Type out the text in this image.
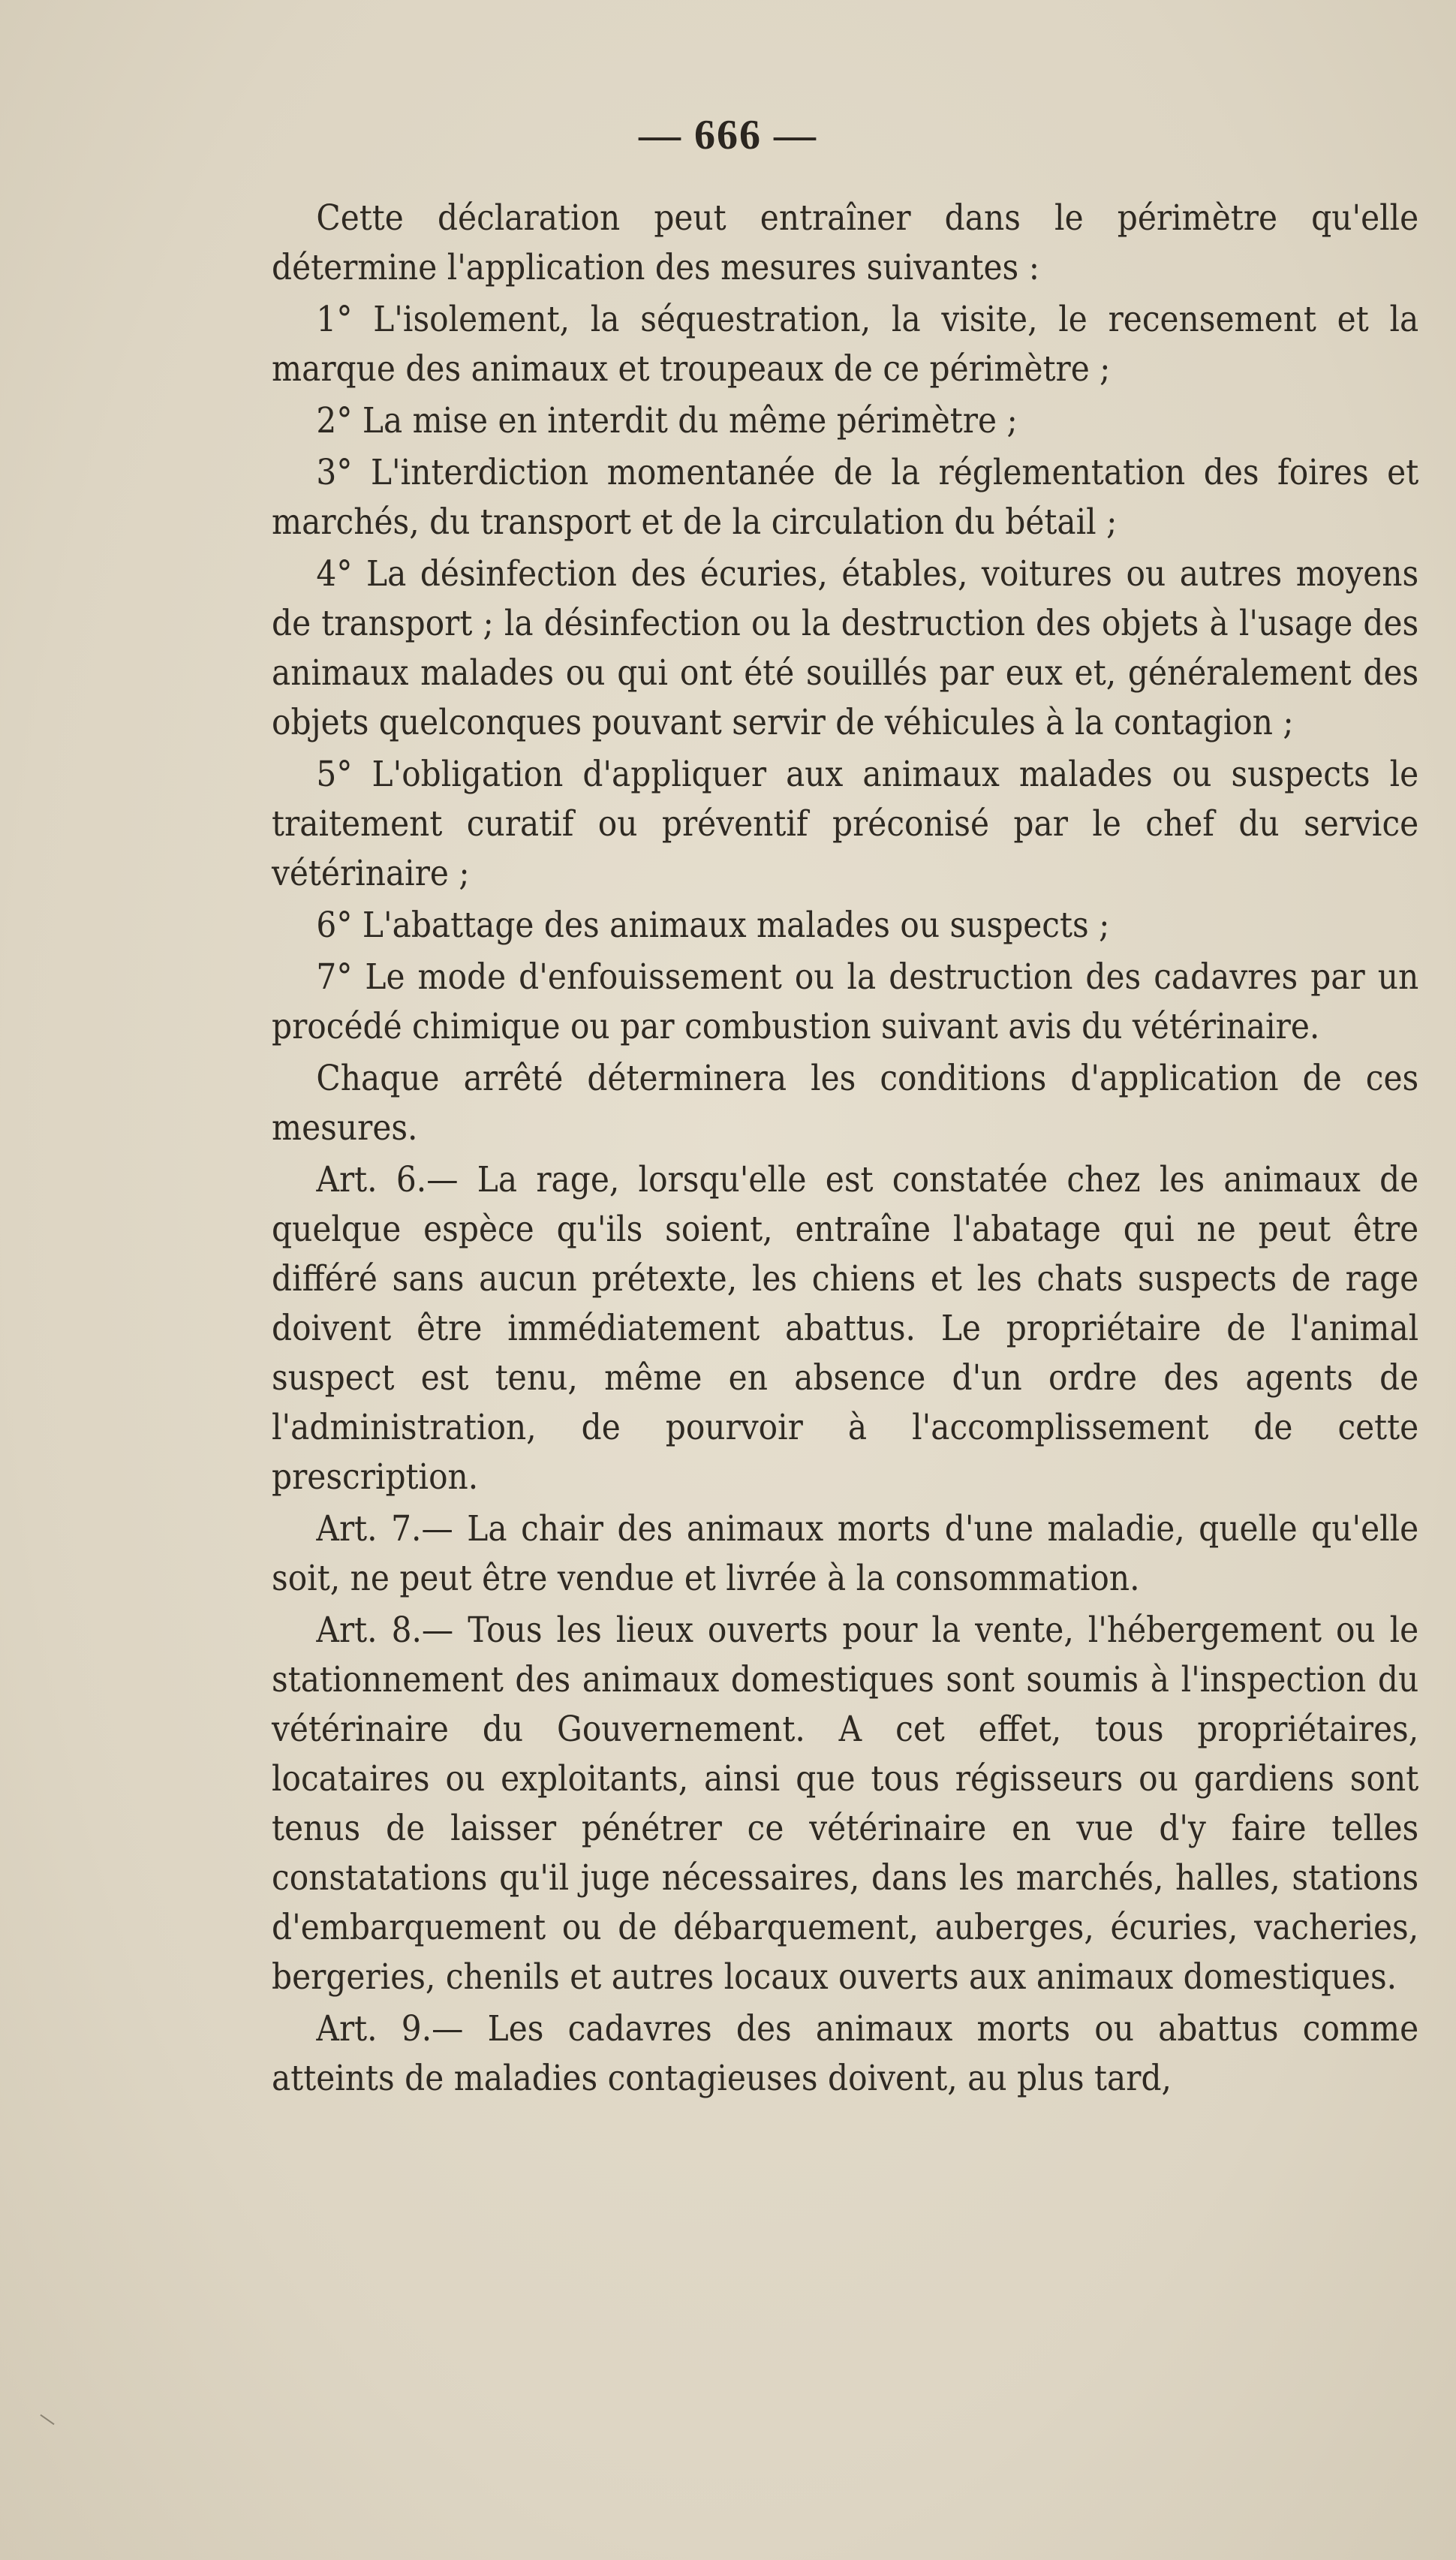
— 666 —

Cette déclaration peut entraîner dans le périmètre qu'elle détermine l'application des mesures suivantes :

1° L'isolement, la séquestration, la visite, le recensement et la marque des animaux et troupeaux de ce périmètre ;

2° La mise en interdit du même périmètre ;

3° L'interdiction momentanée de la réglementation des foires et marchés, du transport et de la circulation du bétail ;

4° La désinfection des écuries, étables, voitures ou autres moyens de transport ; la désinfection ou la destruction des objets à l'usage des animaux malades ou qui ont été souillés par eux et, généralement des objets quelconques pouvant servir de véhicules à la contagion ;

5° L'obligation d'appliquer aux animaux malades ou suspects le traitement curatif ou préventif préconisé par le chef du service vétérinaire ;

6° L'abattage des animaux malades ou suspects ;

7° Le mode d'enfouissement ou la destruction des cadavres par un procédé chimique ou par combustion suivant avis du vétérinaire.

Chaque arrêté déterminera les conditions d'application de ces mesures.

Art. 6.— La rage, lorsqu'elle est constatée chez les animaux de quelque espèce qu'ils soient, entraîne l'abatage qui ne peut être différé sans aucun prétexte, les chiens et les chats suspects de rage doivent être immédiatement abattus. Le propriétaire de l'animal suspect est tenu, même en absence d'un ordre des agents de l'administration, de pourvoir à l'accomplissement de cette prescription.

Art. 7.— La chair des animaux morts d'une maladie, quelle qu'elle soit, ne peut être vendue et livrée à la consommation.

Art. 8.— Tous les lieux ouverts pour la vente, l'hébergement ou le stationnement des animaux domestiques sont soumis à l'inspection du vétérinaire du Gouvernement. A cet effet, tous propriétaires, locataires ou exploitants, ainsi que tous régisseurs ou gardiens sont tenus de laisser pénétrer ce vétérinaire en vue d'y faire telles constatations qu'il juge nécessaires, dans les marchés, halles, stations d'embarquement ou de débarquement, auberges, écuries, vacheries, bergeries, chenils et autres locaux ouverts aux animaux domestiques.

Art. 9.— Les cadavres des animaux morts ou abattus comme atteints de maladies contagieuses doivent, au plus tard,
